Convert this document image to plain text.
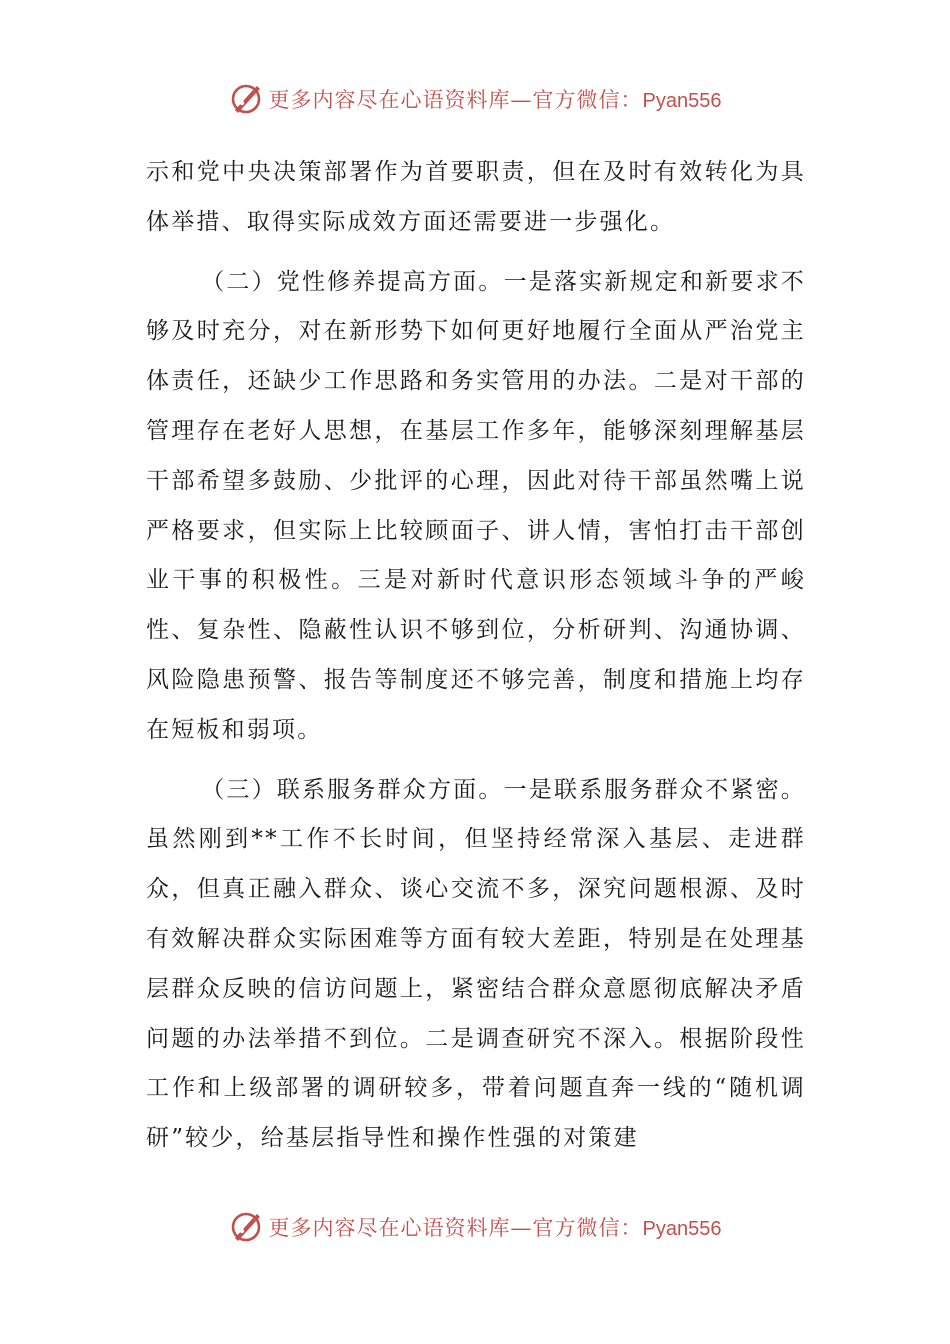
更多内容尽在心语资料库—官方微信：Pyan556

示和党中央决策部署作为首要职责，但在及时有效转化为具体举措、取得实际成效方面还需要进一步强化。

（二）党性修养提高方面。一是落实新规定和新要求不够及时充分，对在新形势下如何更好地履行全面从严治党主体责任，还缺少工作思路和务实管用的办法。二是对干部的管理存在老好人思想，在基层工作多年，能够深刻理解基层干部希望多鼓励、少批评的心理，因此对待干部虽然嘴上说严格要求，但实际上比较顾面子、讲人情，害怕打击干部创业干事的积极性。三是对新时代意识形态领域斗争的严峻性、复杂性、隐蔽性认识不够到位，分析研判、沟通协调、风险隐患预警、报告等制度还不够完善，制度和措施上均存在短板和弱项。

（三）联系服务群众方面。一是联系服务群众不紧密。虽然刚到**工作不长时间，但坚持经常深入基层、走进群众，但真正融入群众、谈心交流不多，深究问题根源、及时有效解决群众实际困难等方面有较大差距，特别是在处理基层群众反映的信访问题上，紧密结合群众意愿彻底解决矛盾问题的办法举措不到位。二是调查研究不深入。根据阶段性工作和上级部署的调研较多，带着问题直奔一线的“随机调研”较少，给基层指导性和操作性强的对策建

更多内容尽在心语资料库—官方微信：Pyan556
